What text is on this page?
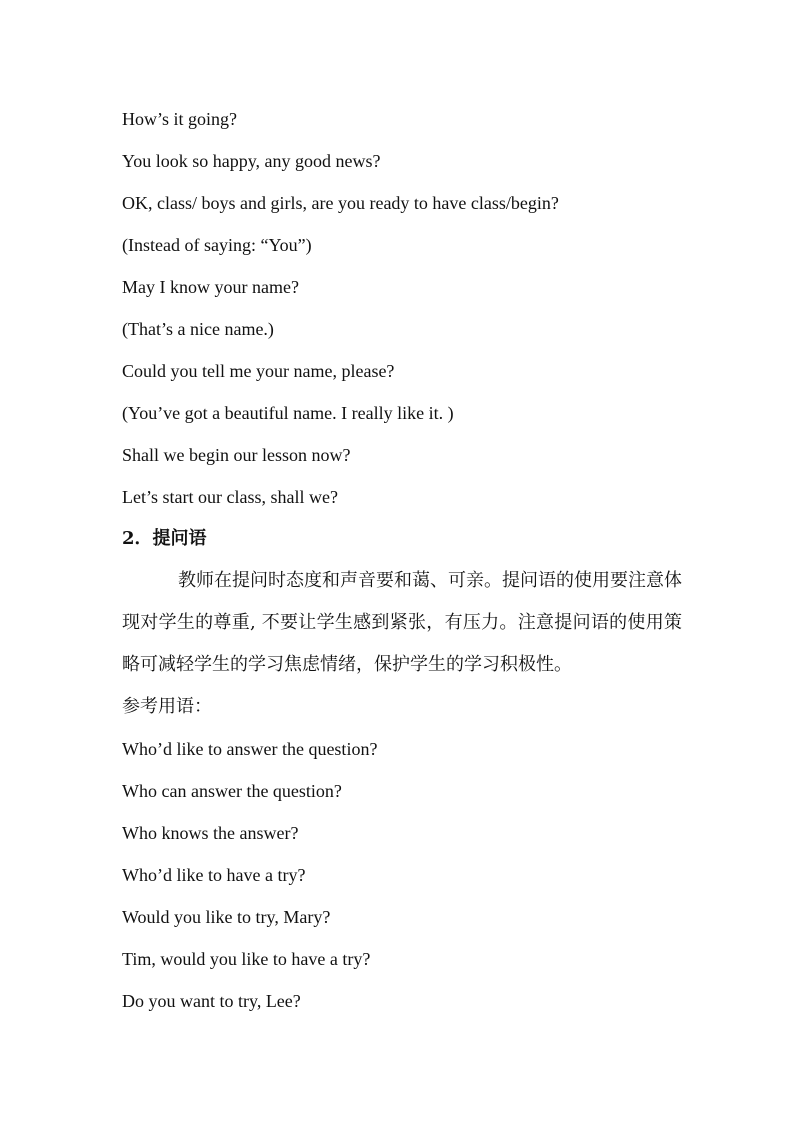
How’s it going?
You look so happy, any good news?
OK, class/ boys and girls, are you ready to have class/begin?
(Instead of saying: “You”)
May I know your name?
(That’s a nice name.)
Could you tell me your name, please?
(You’ve got a beautiful name. I really like it. )
Shall we begin our lesson now?
Let’s start our class, shall we?
2．提问语
教师在提问时态度和声音要和蔼、可亲。提问语的使用要注意体现对学生的尊重, 不要让学生感到紧张，有压力。注意提问语的使用策略可减轻学生的学习焦虑情绪，保护学生的学习积极性。
参考用语：
Who’d like to answer the question?
Who can answer the question?
Who knows the answer?
Who’d like to have a try?
Would you like to try, Mary?
Tim, would you like to have a try?
Do you want to try, Lee?
